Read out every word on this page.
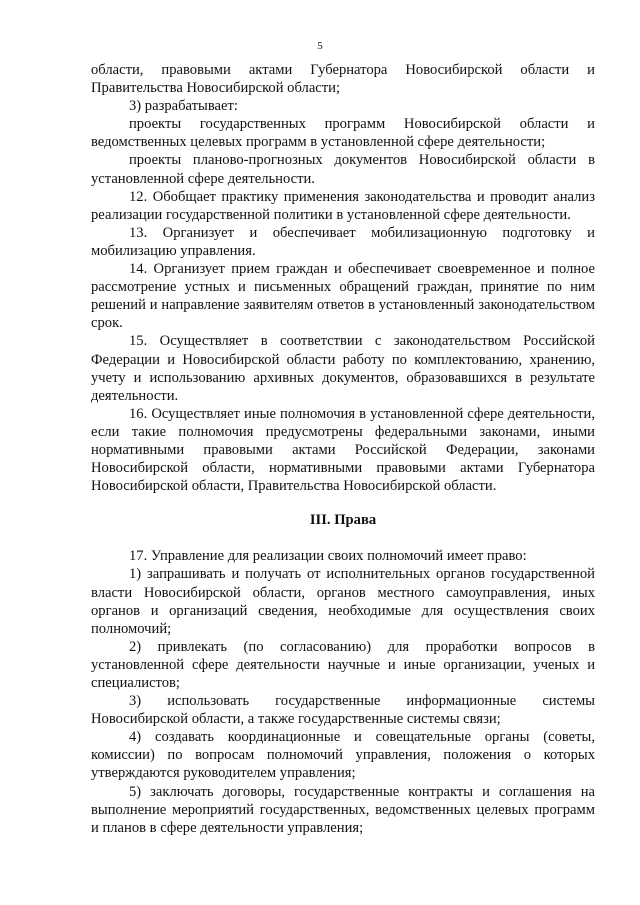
5

области, правовыми актами Губернатора Новосибирской области и Правительства Новосибирской области;

3) разрабатывает:

проекты государственных программ Новосибирской области и ведомственных целевых программ в установленной сфере деятельности;

проекты планово-прогнозных документов Новосибирской области в установленной сфере деятельности.

12. Обобщает практику применения законодательства и проводит анализ реализации государственной политики в установленной сфере деятельности.

13. Организует и обеспечивает мобилизационную подготовку и мобилизацию управления.

14. Организует прием граждан и обеспечивает своевременное и полное рассмотрение устных и письменных обращений граждан, принятие по ним решений и направление заявителям ответов в установленный законодательством срок.

15. Осуществляет в соответствии с законодательством Российской Федерации и Новосибирской области работу по комплектованию, хранению, учету и использованию архивных документов, образовавшихся в результате деятельности.

16. Осуществляет иные полномочия в установленной сфере деятельности, если такие полномочия предусмотрены федеральными законами, иными нормативными правовыми актами Российской Федерации, законами Новосибирской области, нормативными правовыми актами Губернатора Новосибирской области, Правительства Новосибирской области.

III. Права

17. Управление для реализации своих полномочий имеет право:

1) запрашивать и получать от исполнительных органов государственной власти Новосибирской области, органов местного самоуправления, иных органов и организаций сведения, необходимые для осуществления своих полномочий;

2) привлекать (по согласованию) для проработки вопросов в установленной сфере деятельности научные и иные организации, ученых и специалистов;

3) использовать государственные информационные системы Новосибирской области, а также государственные системы связи;

4) создавать координационные и совещательные органы (советы, комиссии) по вопросам полномочий управления, положения о которых утверждаются руководителем управления;

5) заключать договоры, государственные контракты и соглашения на выполнение мероприятий государственных, ведомственных целевых программ и планов в сфере деятельности управления;
